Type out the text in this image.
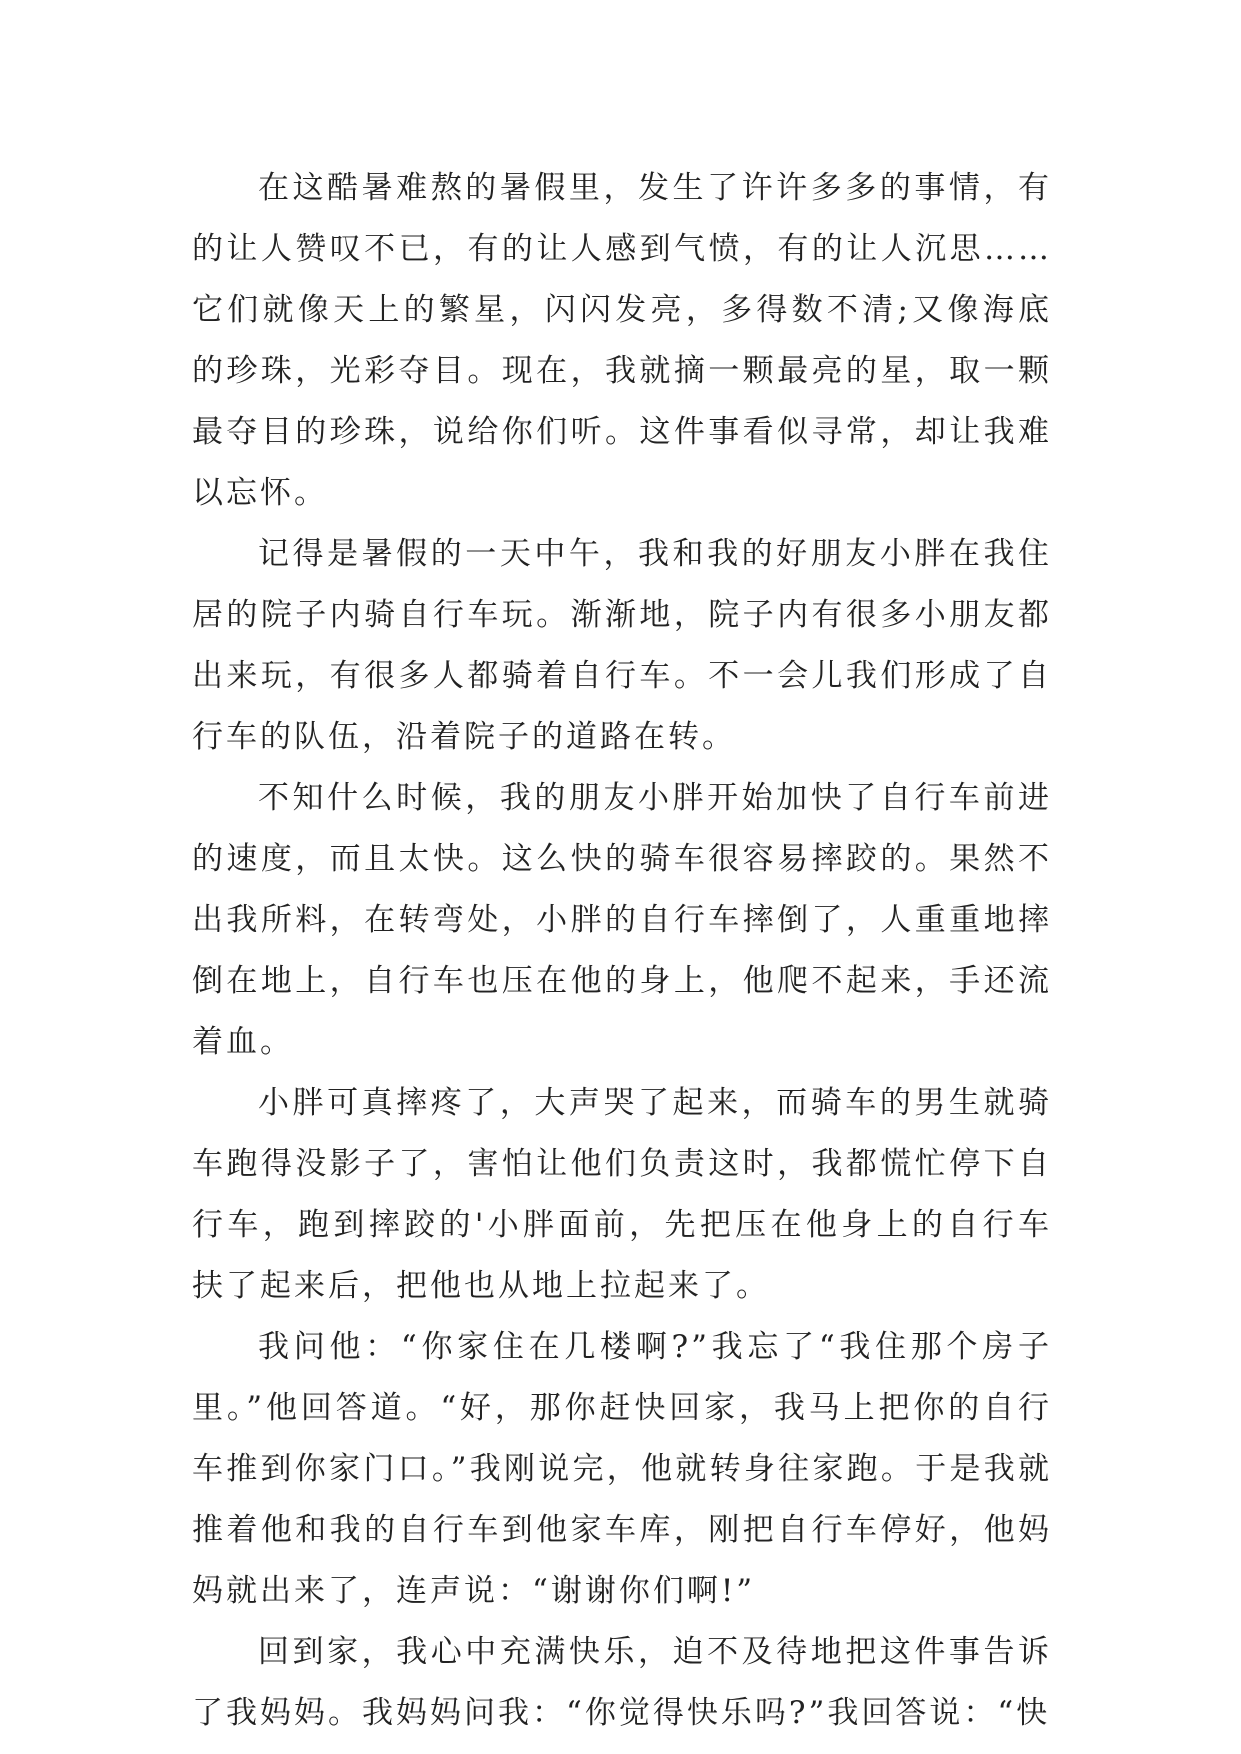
在这酷暑难熬的暑假里，发生了许许多多的事情，有的让人赞叹不已，有的让人感到气愤，有的让人沉思……它们就像天上的繁星，闪闪发亮，多得数不清;又像海底的珍珠，光彩夺目。现在，我就摘一颗最亮的星，取一颗最夺目的珍珠，说给你们听。这件事看似寻常，却让我难以忘怀。

记得是暑假的一天中午，我和我的好朋友小胖在我住居的院子内骑自行车玩。渐渐地，院子内有很多小朋友都出来玩，有很多人都骑着自行车。不一会儿我们形成了自行车的队伍，沿着院子的道路在转。

不知什么时候，我的朋友小胖开始加快了自行车前进的速度，而且太快。这么快的骑车很容易摔跤的。果然不出我所料，在转弯处，小胖的自行车摔倒了，人重重地摔倒在地上，自行车也压在他的身上，他爬不起来，手还流着血。

小胖可真摔疼了，大声哭了起来，而骑车的男生就骑车跑得没影子了，害怕让他们负责这时，我都慌忙停下自行车，跑到摔跤的'小胖面前，先把压在他身上的自行车扶了起来后，把他也从地上拉起来了。

我问他：“你家住在几楼啊?”我忘了“我住那个房子里。”他回答道。“好，那你赶快回家，我马上把你的自行车推到你家门口。”我刚说完，他就转身往家跑。于是我就推着他和我的自行车到他家车库，刚把自行车停好，他妈妈就出来了，连声说：“谢谢你们啊!”

回到家，我心中充满快乐，迫不及待地把这件事告诉了我妈妈。我妈妈问我：“你觉得快乐吗?”我回答说：“快
